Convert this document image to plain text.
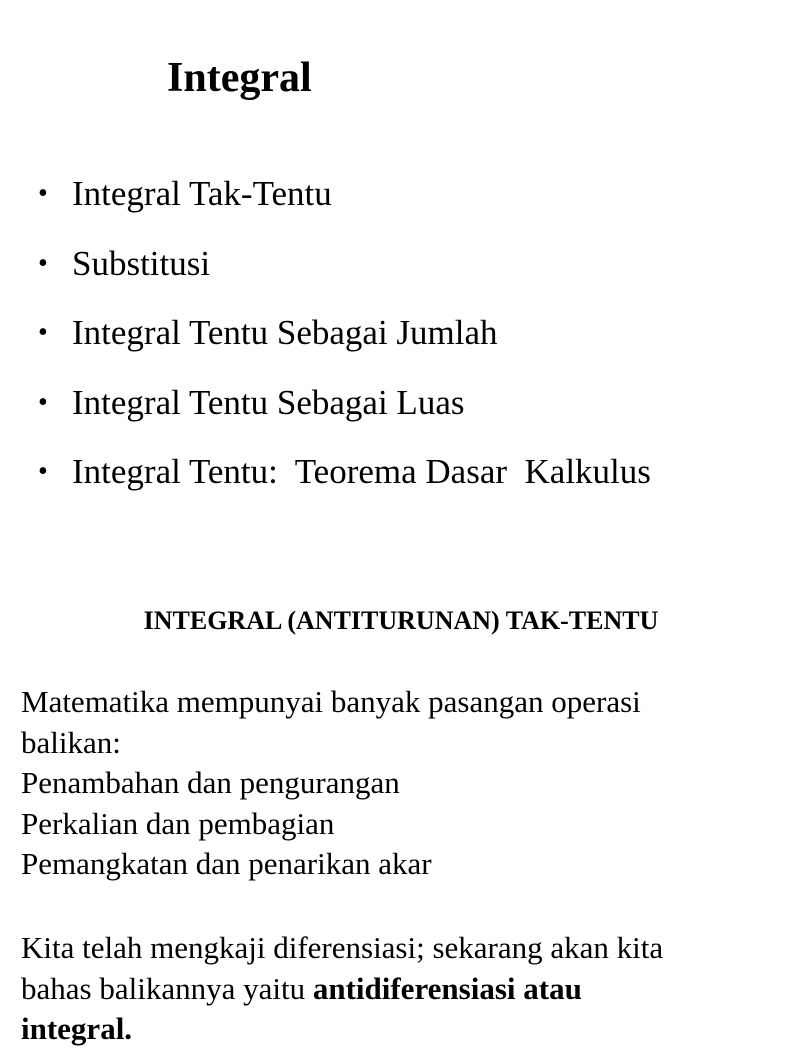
Integral

•

Integral Tak-Tentu

•

Substitusi

•

Integral Tentu Sebagai Jumlah

•

Integral Tentu Sebagai Luas

•

Integral Tentu:  Teorema Dasar  Kalkulus

INTEGRAL (ANTITURUNAN) TAK-TENTU
Matematika mempunyai banyak pasangan operasi
balikan:
Penambahan dan pengurangan
Perkalian dan pembagian
Pemangkatan dan penarikan akar
Kita telah mengkaji diferensiasi; sekarang akan kita
bahas balikannya yaitu antidiferensiasi atau
integral.
